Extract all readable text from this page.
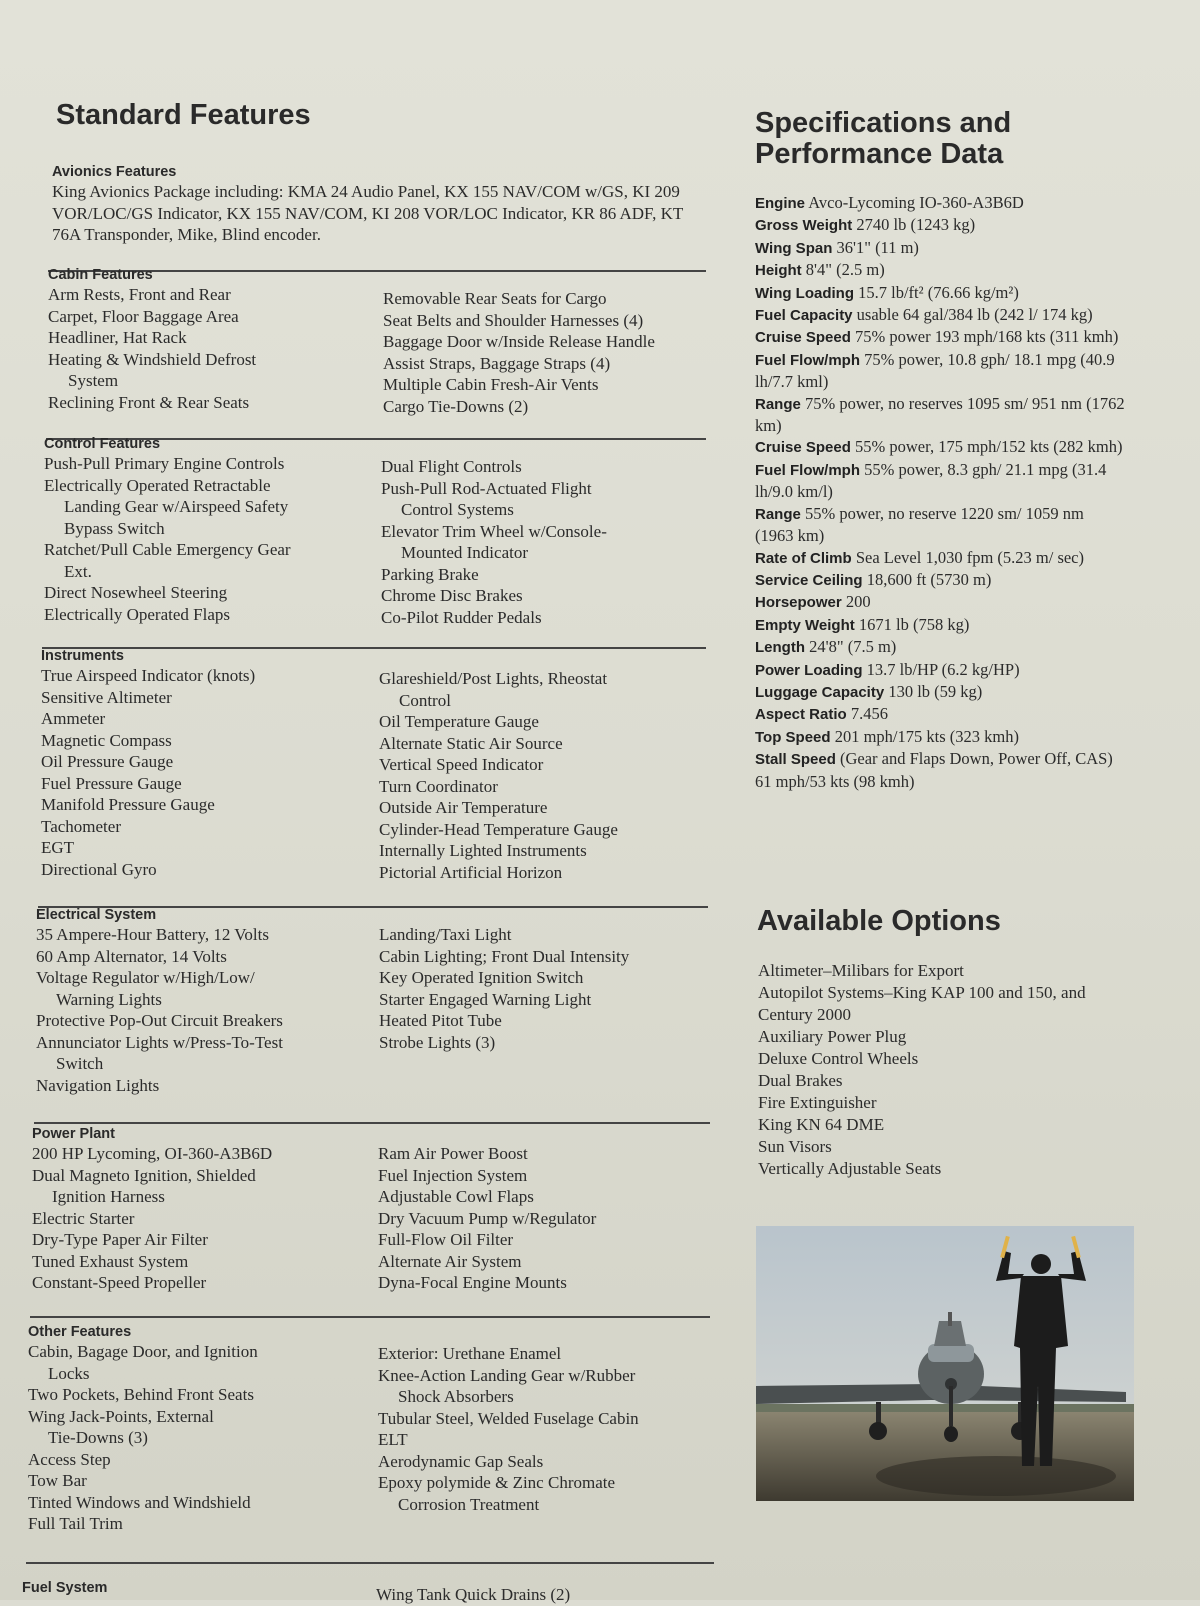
Standard Features
Avionics Features
King Avionics Package including: KMA 24 Audio Panel, KX 155 NAV/COM w/GS, KI 209 VOR/LOC/GS Indicator, KX 155 NAV/COM, KI 208 VOR/LOC Indicator, KR 86 ADF, KT 76A Transponder, Mike, Blind encoder.
Cabin Features
Arm Rests, Front and Rear
Carpet, Floor Baggage Area
Headliner, Hat Rack
Heating & Windshield Defrost
System
Reclining Front & Rear Seats
Removable Rear Seats for Cargo
Seat Belts and Shoulder Harnesses (4)
Baggage Door w/Inside Release Handle
Assist Straps, Baggage Straps (4)
Multiple Cabin Fresh-Air Vents
Cargo Tie-Downs (2)
Control Features
Push-Pull Primary Engine Controls
Electrically Operated Retractable
Landing Gear w/Airspeed Safety
Bypass Switch
Ratchet/Pull Cable Emergency Gear
Ext.
Direct Nosewheel Steering
Electrically Operated Flaps
Dual Flight Controls
Push-Pull Rod-Actuated Flight
Control Systems
Elevator Trim Wheel w/Console-
Mounted Indicator
Parking Brake
Chrome Disc Brakes
Co-Pilot Rudder Pedals
Instruments
True Airspeed Indicator (knots)
Sensitive Altimeter
Ammeter
Magnetic Compass
Oil Pressure Gauge
Fuel Pressure Gauge
Manifold Pressure Gauge
Tachometer
EGT
Directional Gyro
Glareshield/Post Lights, Rheostat
Control
Oil Temperature Gauge
Alternate Static Air Source
Vertical Speed Indicator
Turn Coordinator
Outside Air Temperature
Cylinder-Head Temperature Gauge
Internally Lighted Instruments
Pictorial Artificial Horizon
Electrical System
35 Ampere-Hour Battery, 12 Volts
60 Amp Alternator, 14 Volts
Voltage Regulator w/High/Low/
Warning Lights
Protective Pop-Out Circuit Breakers
Annunciator Lights w/Press-To-Test
Switch
Navigation Lights
Landing/Taxi Light
Cabin Lighting; Front Dual Intensity
Key Operated Ignition Switch
Starter Engaged Warning Light
Heated Pitot Tube
Strobe Lights (3)
Power Plant
200 HP Lycoming, OI-360-A3B6D
Dual Magneto Ignition, Shielded
Ignition Harness
Electric Starter
Dry-Type Paper Air Filter
Tuned Exhaust System
Constant-Speed Propeller
Ram Air Power Boost
Fuel Injection System
Adjustable Cowl Flaps
Dry Vacuum Pump w/Regulator
Full-Flow Oil Filter
Alternate Air System
Dyna-Focal Engine Mounts
Other Features
Cabin, Bagage Door, and Ignition
Locks
Two Pockets, Behind Front Seats
Wing Jack-Points, External
Tie-Downs (3)
Access Step
Tow Bar
Tinted Windows and Windshield
Full Tail Trim
Exterior: Urethane Enamel
Knee-Action Landing Gear w/Rubber
Shock Absorbers
Tubular Steel, Welded Fuselage Cabin
ELT
Aerodynamic Gap Seals
Epoxy polymide & Zinc Chromate
Corrosion Treatment
Fuel System	Wing Tank Quick Drains (2)
Specifications and
Performance Data
Engine Avco-Lycoming IO-360-A3B6D
Gross Weight 2740 lb (1243 kg)
Wing Span 36'1" (11 m)
Height 8'4" (2.5 m)
Wing Loading 15.7 lb/ft² (76.66 kg/m²)
Fuel Capacity usable 64 gal/384 lb (242 l/ 174 kg)
Cruise Speed 75% power 193 mph/168 kts (311 kmh)
Fuel Flow/mph 75% power, 10.8 gph/ 18.1 mpg (40.9 lh/7.7 kml)
Range 75% power, no reserves 1095 sm/ 951 nm (1762 km)
Cruise Speed 55% power, 175 mph/152 kts (282 kmh)
Fuel Flow/mph 55% power, 8.3 gph/ 21.1 mpg (31.4 lh/9.0 km/l)
Range 55% power, no reserve 1220 sm/ 1059 nm (1963 km)
Rate of Climb Sea Level 1,030 fpm (5.23 m/ sec)
Service Ceiling 18,600 ft (5730 m)
Horsepower 200
Empty Weight 1671 lb (758 kg)
Length 24'8" (7.5 m)
Power Loading 13.7 lb/HP (6.2 kg/HP)
Luggage Capacity 130 lb (59 kg)
Aspect Ratio 7.456
Top Speed 201 mph/175 kts (323 kmh)
Stall Speed (Gear and Flaps Down, Power Off, CAS) 61 mph/53 kts (98 kmh)
Available Options
Altimeter–Milibars for Export
Autopilot Systems–King KAP 100 and 150, and Century 2000
Auxiliary Power Plug
Deluxe Control Wheels
Dual Brakes
Fire Extinguisher
King KN 64 DME
Sun Visors
Vertically Adjustable Seats
